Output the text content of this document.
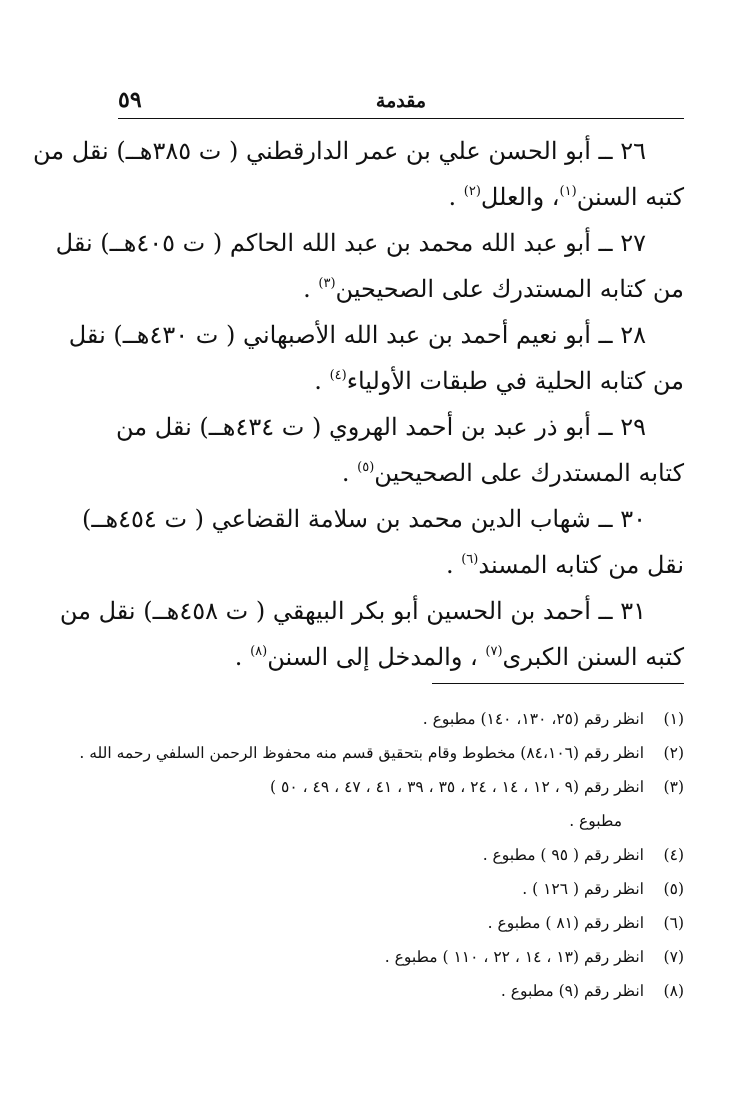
مقدمة
٥٩
٢٦ ــ أبو الحسن علي بن عمر الدارقطني ( ت ٣٨٥هــ) نقل من
كتبه السنن$^{(١)}$، والعلل$^{(٢)}$ .
٢٧ ــ أبو عبد الله محمد بن عبد الله الحاكم ( ت ٤٠٥هــ) نقل
من كتابه المستدرك على الصحيحين$^{(٣)}$ .
٢٨ ــ أبو نعيم أحمد بن عبد الله الأصبهاني ( ت ٤٣٠هــ) نقل
من كتابه الحلية في طبقات الأولياء$^{(٤)}$ .
٢٩ ــ أبو ذر عبد بن أحمد الهروي ( ت ٤٣٤هــ) نقل من
كتابه المستدرك على الصحيحين$^{(٥)}$ .
٣٠ ــ شهاب الدين محمد بن سلامة القضاعي ( ت ٤٥٤هــ)
نقل من كتابه المسند$^{(٦)}$ .
٣١ ــ أحمد بن الحسين أبو بكر البيهقي ( ت ٤٥٨هــ) نقل من
كتبه السنن الكبرى$^{(٧)}$ ، والمدخل إلى السنن$^{(٨)}$ .
(١)انظر رقم (٢٥، ١٣٠، ١٤٠) مطبوع .
(٢)انظر رقم (٨٤،١٠٦) مخطوط وقام بتحقيق قسم منه محفوظ الرحمن السلفي رحمه الله .
(٣)انظر رقم (٩ ، ١٢ ، ١٤ ، ٢٤ ، ٣٥ ، ٣٩ ، ٤١ ، ٤٧ ، ٤٩ ، ٥٠ )
مطبوع .
(٤)انظر رقم ( ٩٥ ) مطبوع .
(٥)انظر رقم ( ١٢٦ ) .
(٦)انظر رقم (٨١ ) مطبوع .
(٧)انظر رقم (١٣ ، ١٤ ، ٢٢ ، ١١٠ ) مطبوع .
(٨)انظر رقم (٩) مطبوع .
